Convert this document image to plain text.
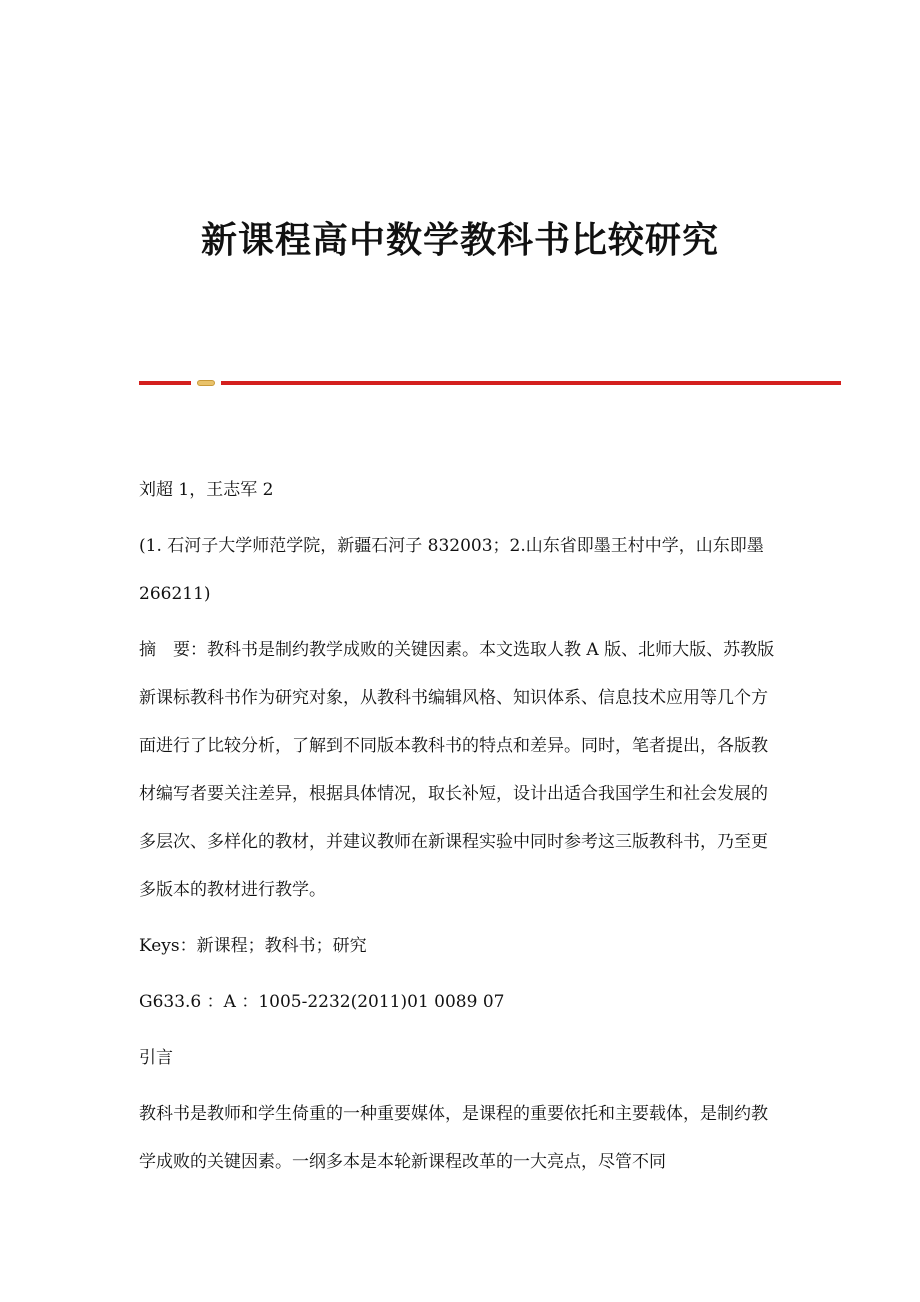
新课程高中数学教科书比较研究

刘超 1，王志军 2

(1. 石河子大学师范学院，新疆石河子 832003；2.山东省即墨王村中学，山东即墨 266211)

摘　要：教科书是制约教学成败的关键因素。本文选取人教 A 版、北师大版、苏教版新课标教科书作为研究对象，从教科书编辑风格、知识体系、信息技术应用等几个方面进行了比较分析，了解到不同版本教科书的特点和差异。同时，笔者提出，各版教材编写者要关注差异，根据具体情况，取长补短，设计出适合我国学生和社会发展的多层次、多样化的教材，并建议教师在新课程实验中同时参考这三版教科书，乃至更多版本的教材进行教学。

Keys：新课程；教科书；研究

G633.6 ：A ：1005-2232(2011)01 0089 07

引言

教科书是教师和学生倚重的一种重要媒体，是课程的重要依托和主要载体，是制约教学成败的关键因素。一纲多本是本轮新课程改革的一大亮点，尽管不同
